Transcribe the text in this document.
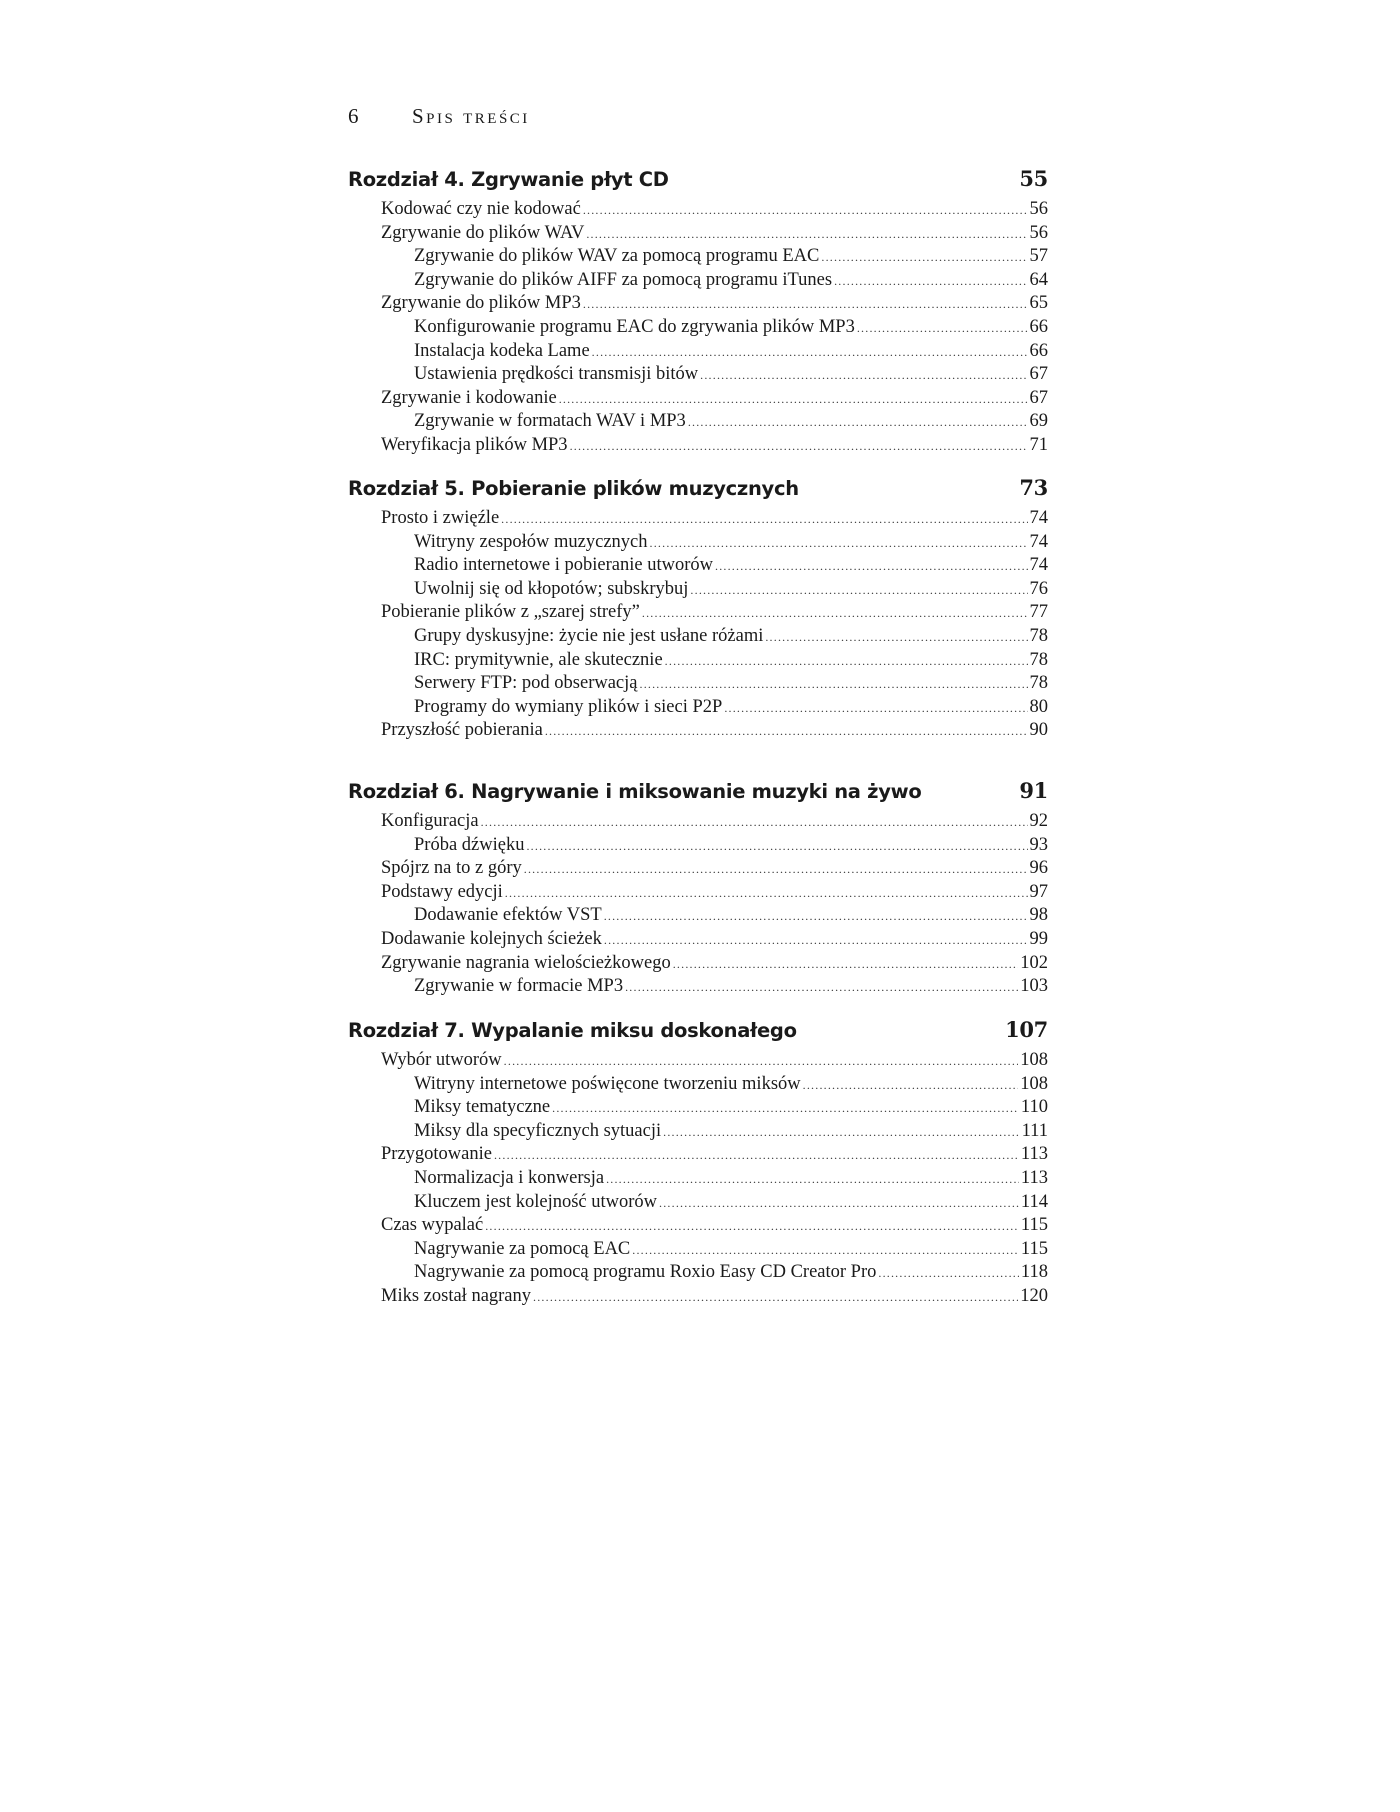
6 Spis treści
Rozdział 4. Zgrywanie płyt CD	55
Kodować czy nie kodować .....	56
Zgrywanie do plików WAV .....	56
Zgrywanie do plików WAV za pomocą programu EAC .....	57
Zgrywanie do plików AIFF za pomocą programu iTunes .....	64
Zgrywanie do plików MP3 .....	65
Konfigurowanie programu EAC do zgrywania plików MP3 .....	66
Instalacja kodeka Lame .....	66
Ustawienia prędkości transmisji bitów .....	67
Zgrywanie i kodowanie .....	67
Zgrywanie w formatach WAV i MP3 .....	69
Weryfikacja plików MP3 .....	71
Rozdział 5. Pobieranie plików muzycznych	73
Prosto i zwięźle .....	74
Witryny zespołów muzycznych .....	74
Radio internetowe i pobieranie utworów .....	74
Uwolnij się od kłopotów; subskrybuj .....	76
Pobieranie plików z „szarej strefy” .....	77
Grupy dyskusyjne: życie nie jest usłane różami .....	78
IRC: prymitywnie, ale skutecznie .....	78
Serwery FTP: pod obserwacją .....	78
Programy do wymiany plików i sieci P2P .....	80
Przyszłość pobierania .....	90
Rozdział 6. Nagrywanie i miksowanie muzyki na żywo	91
Konfiguracja .....	92
Próba dźwięku .....	93
Spójrz na to z góry .....	96
Podstawy edycji .....	97
Dodawanie efektów VST .....	98
Dodawanie kolejnych ścieżek .....	99
Zgrywanie nagrania wielościeżkowego .....	102
Zgrywanie w formacie MP3 .....	103
Rozdział 7. Wypalanie miksu doskonałego	107
Wybór utworów .....	108
Witryny internetowe poświęcone tworzeniu miksów .....	108
Miksy tematyczne .....	110
Miksy dla specyficznych sytuacji .....	111
Przygotowanie .....	113
Normalizacja i konwersja .....	113
Kluczem jest kolejność utworów .....	114
Czas wypalać .....	115
Nagrywanie za pomocą EAC .....	115
Nagrywanie za pomocą programu Roxio Easy CD Creator Pro .....	118
Miks został nagrany .....	120
